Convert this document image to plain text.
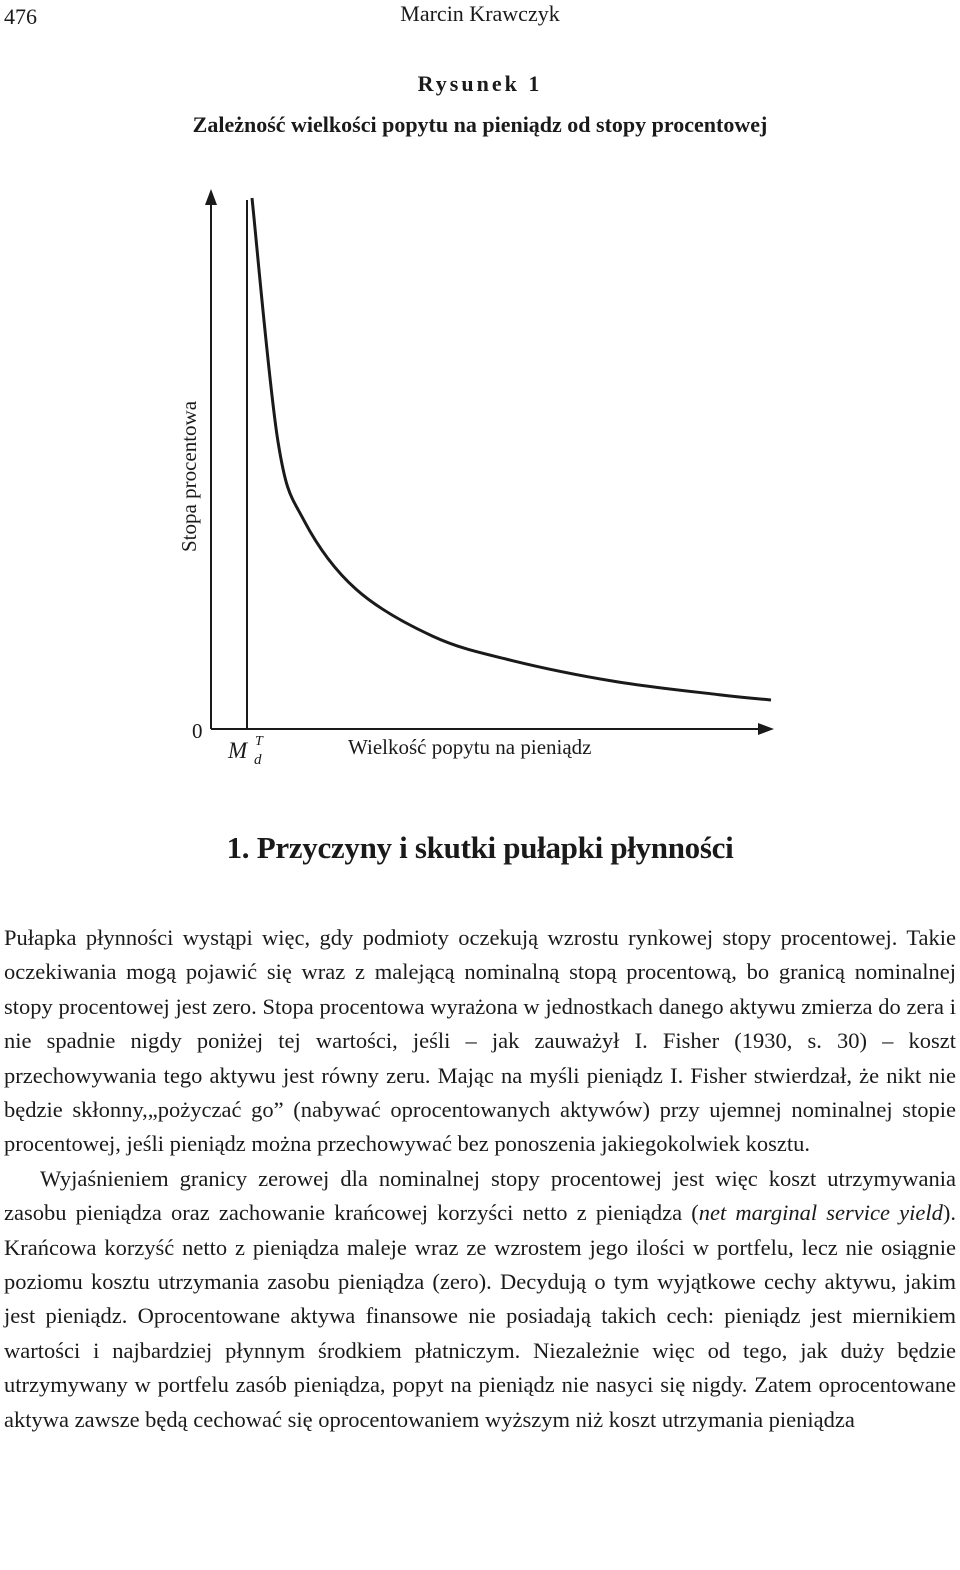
476	Marcin Krawczyk
Rysunek 1
Zależność wielkości popytu na pieniądz od stopy procentowej
Stopa procentowa
0
M T
d
Wielkość popytu na pieniądz
1. Przyczyny i skutki pułapki płynności

Pułapka płynności wystąpi więc, gdy podmioty oczekują wzrostu rynkowej stopy procentowej. Takie oczekiwania mogą pojawić się wraz z malejącą nominalną stopą procentową, bo granicą nominalnej stopy procentowej jest zero. Stopa procentowa wyrażona w jednostkach danego aktywu zmierza do zera i nie spadnie nigdy poniżej tej wartości, jeśli – jak zauważył I. Fisher (1930, s. 30) – koszt przechowywania tego aktywu jest równy zeru. Mając na myśli pieniądz I. Fisher stwierdzał, że nikt nie będzie skłonny,„pożyczać go” (nabywać oprocentowanych aktywów) przy ujemnej nominalnej stopie procentowej, jeśli pieniądz można przechowywać bez ponoszenia jakiegokolwiek kosztu.

Wyjaśnieniem granicy zerowej dla nominalnej stopy procentowej jest więc koszt utrzymywania zasobu pieniądza oraz zachowanie krańcowej korzyści netto z pieniądza (net marginal service yield). Krańcowa korzyść netto z pieniądza maleje wraz ze wzrostem jego ilości w portfelu, lecz nie osiągnie poziomu kosztu utrzymania zasobu pieniądza (zero). Decydują o tym wyjątkowe cechy aktywu, jakim jest pieniądz. Oprocentowane aktywa finansowe nie posiadają takich cech: pieniądz jest miernikiem wartości i najbardziej płynnym środkiem płatniczym. Niezależnie więc od tego, jak duży będzie utrzymywany w portfelu zasób pieniądza, popyt na pieniądz nie nasyci się nigdy. Zatem oprocentowane aktywa zawsze będą cechować się oprocentowaniem wyższym niż koszt utrzymania pieniądza
